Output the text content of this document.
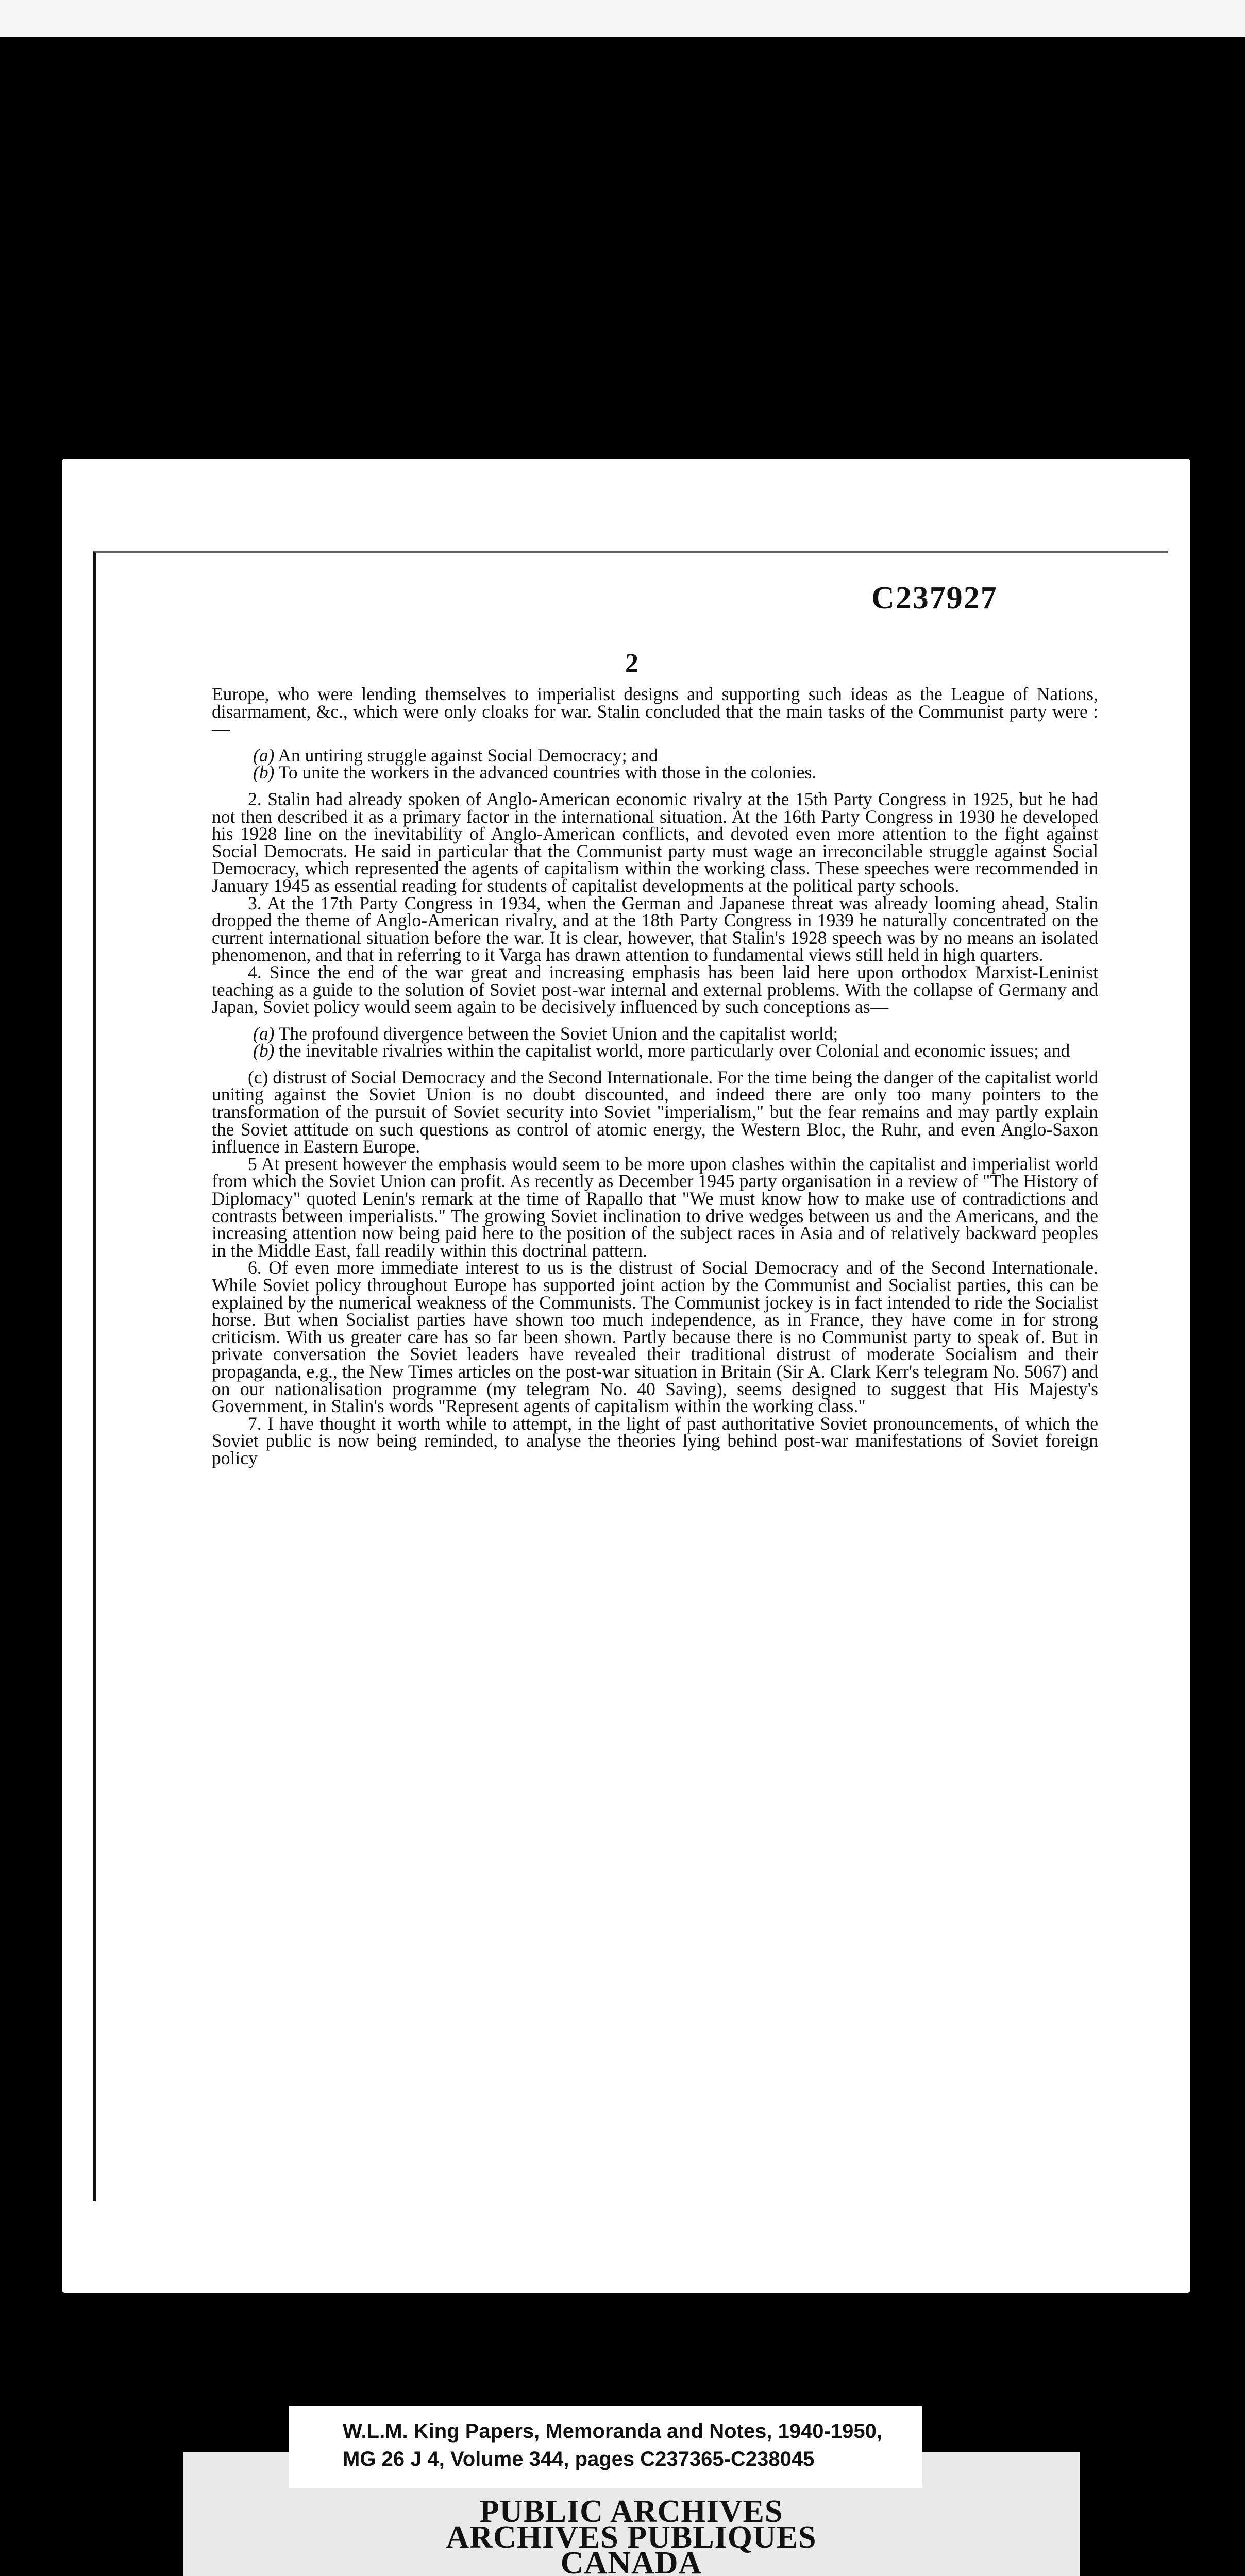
C237927

2

Europe, who were lending themselves to imperialist designs and supporting such ideas as the League of Nations, disarmament, &c., which were only cloaks for war. Stalin concluded that the main tasks of the Communist party were :—

(a) An untiring struggle against Social Democracy; and

(b) To unite the workers in the advanced countries with those in the colonies.

2. Stalin had already spoken of Anglo-American economic rivalry at the 15th Party Congress in 1925, but he had not then described it as a primary factor in the international situation. At the 16th Party Congress in 1930 he developed his 1928 line on the inevitability of Anglo-American conflicts, and devoted even more attention to the fight against Social Democrats. He said in particular that the Communist party must wage an irreconcilable struggle against Social Democracy, which represented the agents of capitalism within the working class. These speeches were recommended in January 1945 as essential reading for students of capitalist developments at the political party schools.

3. At the 17th Party Congress in 1934, when the German and Japanese threat was already looming ahead, Stalin dropped the theme of Anglo-American rivalry, and at the 18th Party Congress in 1939 he naturally concentrated on the current international situation before the war. It is clear, however, that Stalin's 1928 speech was by no means an isolated phenomenon, and that in referring to it Varga has drawn attention to fundamental views still held in high quarters.

4. Since the end of the war great and increasing emphasis has been laid here upon orthodox Marxist-Leninist teaching as a guide to the solution of Soviet post-war internal and external problems. With the collapse of Germany and Japan, Soviet policy would seem again to be decisively influenced by such conceptions as—

(a) The profound divergence between the Soviet Union and the capitalist world;

(b) the inevitable rivalries within the capitalist world, more particularly over Colonial and economic issues; and

(c) distrust of Social Democracy and the Second Internationale. For the time being the danger of the capitalist world uniting against the Soviet Union is no doubt discounted, and indeed there are only too many pointers to the transformation of the pursuit of Soviet security into Soviet "imperialism," but the fear remains and may partly explain the Soviet attitude on such questions as control of atomic energy, the Western Bloc, the Ruhr, and even Anglo-Saxon influence in Eastern Europe.

5 At present however the emphasis would seem to be more upon clashes within the capitalist and imperialist world from which the Soviet Union can profit. As recently as December 1945 party organisation in a review of "The History of Diplomacy" quoted Lenin's remark at the time of Rapallo that "We must know how to make use of contradictions and contrasts between imperialists." The growing Soviet inclination to drive wedges between us and the Americans, and the increasing attention now being paid here to the position of the subject races in Asia and of relatively backward peoples in the Middle East, fall readily within this doctrinal pattern.

6. Of even more immediate interest to us is the distrust of Social Democracy and of the Second Internationale. While Soviet policy throughout Europe has supported joint action by the Communist and Socialist parties, this can be explained by the numerical weakness of the Communists. The Communist jockey is in fact intended to ride the Socialist horse. But when Socialist parties have shown too much independence, as in France, they have come in for strong criticism. With us greater care has so far been shown. Partly because there is no Communist party to speak of. But in private conversation the Soviet leaders have revealed their traditional distrust of moderate Socialism and their propaganda, e.g., the New Times articles on the post-war situation in Britain (Sir A. Clark Kerr's telegram No. 5067) and on our nationalisation programme (my telegram No. 40 Saving), seems designed to suggest that His Majesty's Government, in Stalin's words "Represent agents of capitalism within the working class."

7. I have thought it worth while to attempt, in the light of past authoritative Soviet pronouncements, of which the Soviet public is now being reminded, to analyse the theories lying behind post-war manifestations of Soviet foreign policy

PUBLIC ARCHIVES
ARCHIVES PUBLIQUES
CANADA
W.L.M. King Papers, Memoranda and Notes, 1940-1950,
MG 26 J 4, Volume 344, pages C237365-C238045
